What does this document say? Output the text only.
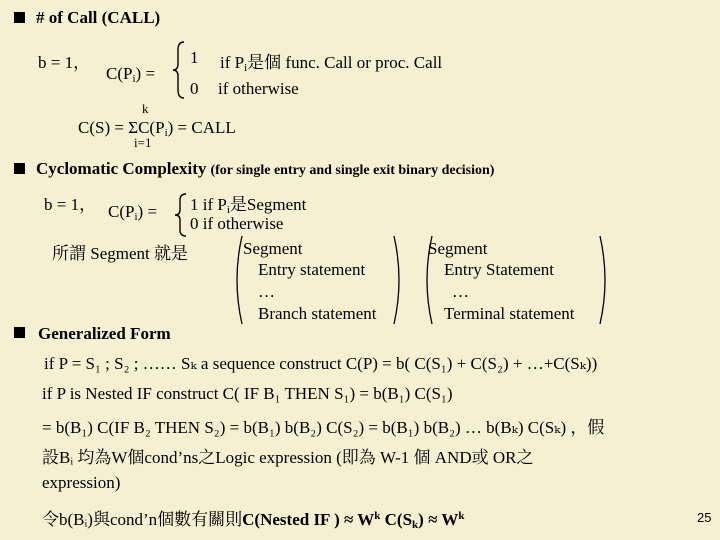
# of Call (CALL)
b = 1，
$C(P_i)$ =
1 if $P_i$是個 func. Call or proc. Call
0 if otherwise
k
$C(S) = \Sigma C(P_i)$ = CALL
i=1
Cyclomatic Complexity (for single entry and single exit binary decision)
b = 1， $C(P_i) = 1$ if $P_i$是Segment
0 if otherwise
所謂 Segment 就是	Segment
Entry statement
…
Branch statement
Segment
Entry Statement
…
Terminal statement
Generalized Form
if P = S₁ ; S₂ ; …… Sₖ a sequence construct C(P) = b( C(S₁) + C(S₂) + …+C(Sₖ))
if P is Nested IF construct C( IF B₁ THEN S₁) = b(B₁) C(S₁)
= b(B₁) C(IF B₂ THEN S₂) = b(B₁) b(B₂) C(S₂) = b(B₁) b(B₂) … b(Bₖ) C(Sₖ) ，假
設Bᵢ 均為W個cond’ns之Logic expression (即為 W-1 個 AND或 OR之
expression)
令b(Bᵢ)與cond’n個數有關則C(Nested IF ) ≈ $W^k$ $C(S_k) \approx W^k$	25
